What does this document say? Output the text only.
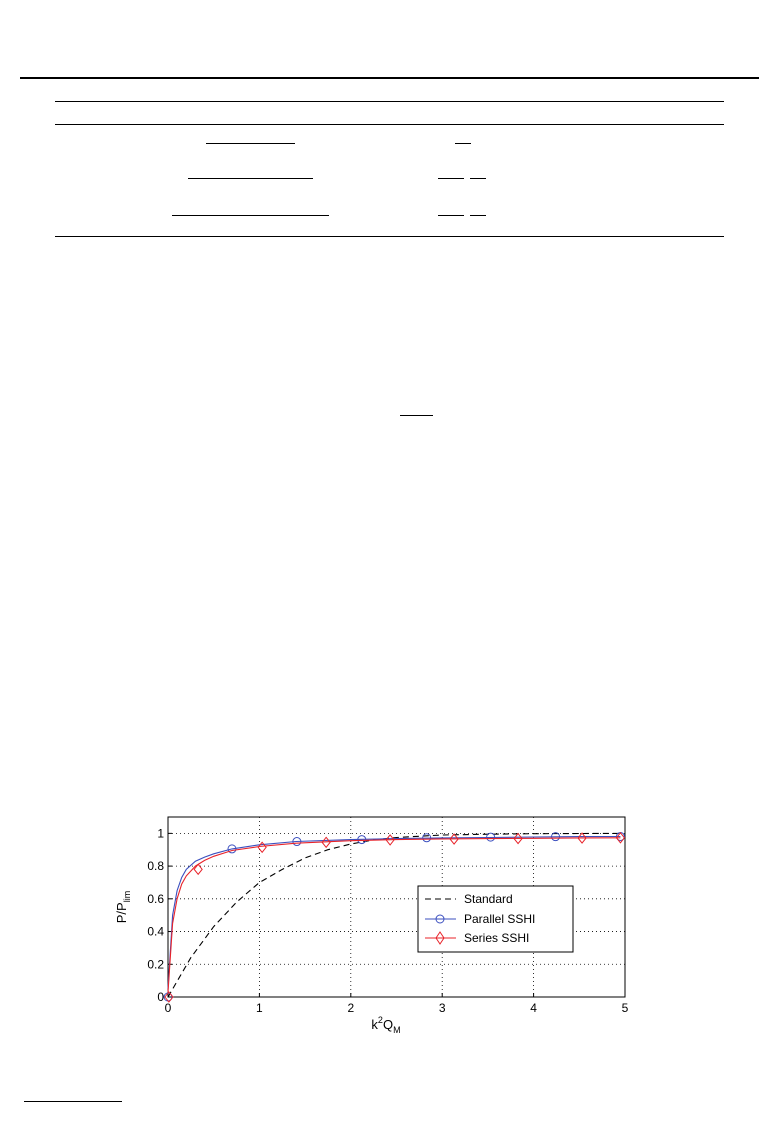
0	1	2	3	4	5
0
0.2
0.4
0.6
0.8
1
$k^2Q_M$
$P/P_{lim}$	Standard
Parallel SSHI
Series SSHI
